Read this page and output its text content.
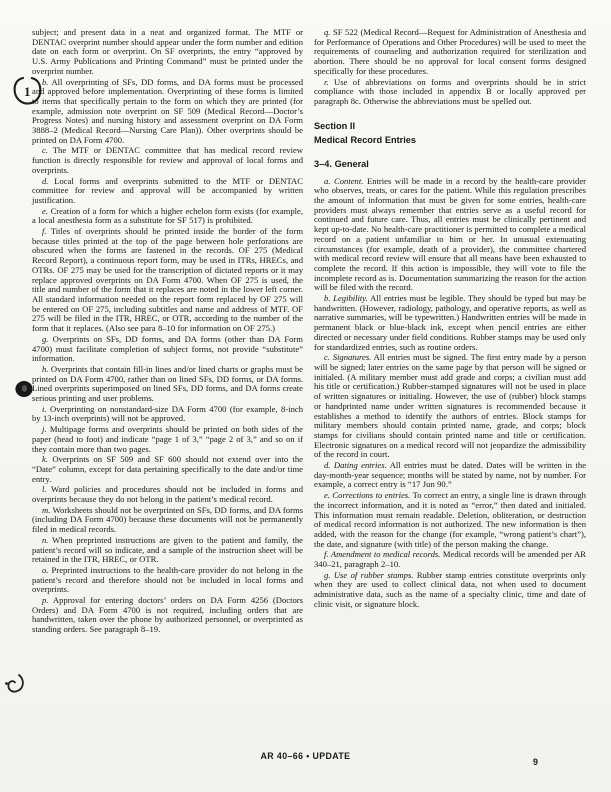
1

subject; and present data in a neat and organized format. The MTF or DENTAC overprint number should appear under the form number and edition date on each form or overprint. On SF overprints, the entry “approved by U.S. Army Publications and Printing Command” must be printed under the overprint number.

b. All overprinting of SFs, DD forms, and DA forms must be processed and approved before implementation. Overprinting of these forms is limited to items that specifically pertain to the form on which they are printed (for example, admission note overprint on SF 509 (Medical Record—Doctor’s Progress Notes) and nursing history and assessment overprint on DA Form 3888–2 (Medical Record—Nursing Care Plan)). Other overprints should be printed on DA Form 4700.

c. The MTF or DENTAC committee that has medical record review function is directly responsible for review and approval of local forms and overprints.

d. Local forms and overprints submitted to the MTF or DENTAC committee for review and approval will be accompanied by written justification.

e. Creation of a form for which a higher echelon form exists (for example, a local anesthesia form as a substitute for SF 517) is prohibited.

f. Titles of overprints should be printed inside the border of the form because titles printed at the top of the page between hole perforations are obscured when the forms are fastened in the records. OF 275 (Medical Record Report), a continuous report form, may be used in ITRs, HRECs, and OTRs. OF 275 may be used for the transcription of dictated reports or it may replace approved overprints on DA Form 4700. When OF 275 is used, the title and number of the form that it replaces are noted in the lower left corner. All standard information needed on the report form replaced by OF 275 will be entered on OF 275, including subtitles and name and address of MTF. OF 275 will be filed in the ITR, HREC, or OTR, according to the number of the form that it replaces. (Also see para 8–10 for information on OF 275.)

g. Overprints on SFs, DD forms, and DA forms (other than DA Form 4700) must facilitate completion of subject forms, not provide “substitute” information.

h. Overprints that contain fill-in lines and/or lined charts or graphs must be printed on DA Form 4700, rather than on lined SFs, DD forms, or DA forms. Lined overprints superimposed on lined SFs, DD forms, and DA forms create serious printing and user problems.

i. Overprinting on nonstandard-size DA Form 4700 (for example, 8-inch by 13-inch overprints) will not be approved.

j. Multipage forms and overprints should be printed on both sides of the paper (head to foot) and indicate “page 1 of 3,” “page 2 of 3,” and so on if they contain more than two pages.

k. Overprints on SF 509 and SF 600 should not extend over into the “Date” column, except for data pertaining specifically to the date and/or time entry.

l. Ward policies and procedures should not be included in forms and overprints because they do not belong in the patient’s medical record.

m. Worksheets should not be overprinted on SFs, DD forms, and DA forms (including DA Form 4700) because these documents will not be permanently filed in medical records.

n. When preprinted instructions are given to the patient and family, the patient’s record will so indicate, and a sample of the instruction sheet will be retained in the ITR, HREC, or OTR.

o. Preprinted instructions to the health-care provider do not belong in the patient’s record and therefore should not be included in local forms and overprints.

p. Approval for entering doctors’ orders on DA Form 4256 (Doctors Orders) and DA Form 4700 is not required, including orders that are handwritten, taken over the phone by authorized personnel, or overprinted as standing orders. See paragraph 8–19.

q. SF 522 (Medical Record—Request for Administration of Anesthesia and for Performance of Operations and Other Procedures) will be used to meet the requirements of counseling and authorization required for sterilization and abortion. There should be no approval for local consent forms designed specifically for these procedures.

r. Use of abbreviations on forms and overprints should be in strict compliance with those included in appendix B or locally approved per paragraph 8c. Otherwise the abbreviations must be spelled out.

Section II

Medical Record Entries

3–4. General

a. Content. Entries will be made in a record by the health-care provider who observes, treats, or cares for the patient. While this regulation prescribes the amount of information that must be given for some entries, health-care providers must always remember that entries serve as a useful record for continued and future care. Thus, all entries must be clinically pertinent and kept up-to-date. No health-care practitioner is permitted to complete a medical record on a patient unfamiliar to him or her. In unusual extenuating circumstances (for example, death of a provider), the committee chartered with medical record review will ensure that all means have been exhausted to complete the record. If this action is impossible, they will vote to file the incomplete record as is. Documentation summarizing the reason for the action will be filed with the record.

b. Legibility. All entries must be legible. They should be typed but may be handwritten. (However, radiology, pathology, and operative reports, as well as narrative summaries, will be typewritten.) Handwritten entries will be made in permanent black or blue-black ink, except when pencil entries are either directed or necessary under field conditions. Rubber stamps may be used only for standardized entries, such as routine orders.

c. Signatures. All entries must be signed. The first entry made by a person will be signed; later entries on the same page by that person will be signed or initialed. (A military member must add grade and corps; a civilian must add his title or certification.) Rubber-stamped signatures will not be used in place of written signatures or initialing. However, the use of (rubber) block stamps or handprinted name under written signatures is recommended because it establishes a method to identify the authors of entries. Block stamps for military members should contain printed name, grade, and corps; block stamps for civilians should contain printed name and title or certification. Electronic signatures on a medical record will not jeopardize the admissibility of the record in court.

d. Dating entries. All entries must be dated. Dates will be written in the day-month-year sequence; months will be stated by name, not by number. For example, a correct entry is “17 Jun 90.”

e. Corrections to entries. To correct an entry, a single line is drawn through the incorrect information, and it is noted as “error,” then dated and initialed. This information must remain readable. Deletion, obliteration, or destruction of medical record information is not authorized. The new information is then added, with the reason for the change (for example, “wrong patient’s chart”), the date, and signature (with title) of the person making the change.

f. Amendment to medical records. Medical records will be amended per AR 340–21, paragraph 2–10.

g. Use of rubber stamps. Rubber stamp entries constitute overprints only when they are used to collect clinical data, not when used to document administrative data, such as the name of a specialty clinic, time and date of clinic visit, or signature block.

AR 40–66 • UPDATE
9
